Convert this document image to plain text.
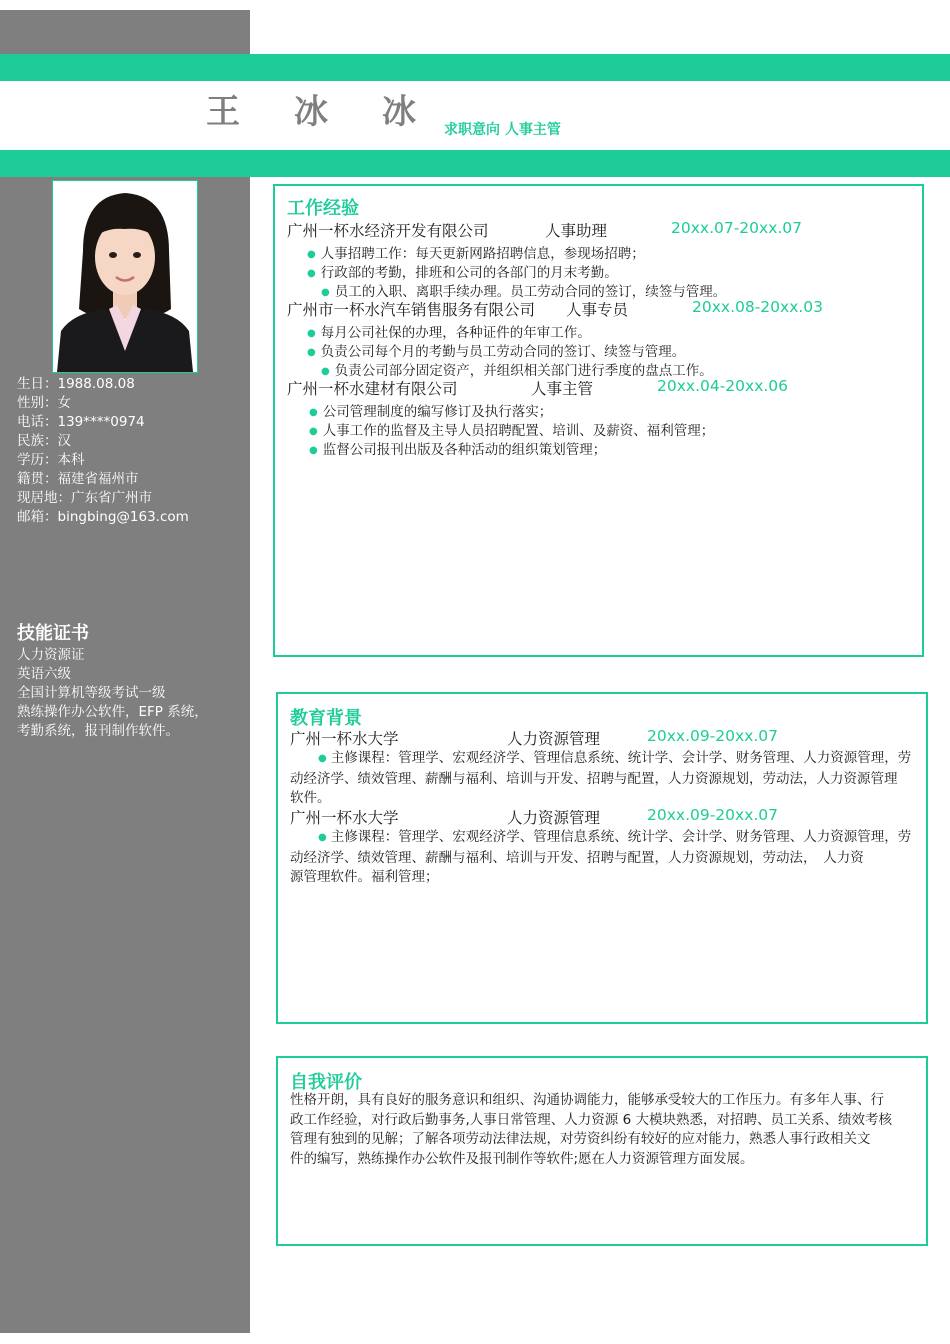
王 冰 冰 求职意向 人事主管
生日：1988.08.08
性别：女
电话：139****0974
民族：汉
学历：本科
籍贯：福建省福州市
现居地：广东省广州市
邮箱：bingbing@163.com
技能证书
人力资源证
英语六级
全国计算机等级考试一级
熟练操作办公软件，EFP 系统，
考勤系统，报刊制作软件。
工作经验
广州一杯水经济开发有限公司	人事助理	20xx.07-20xx.07
● 人事招聘工作：每天更新网路招聘信息，参现场招聘；
● 行政部的考勤，排班和公司的各部门的月末考勤。
● 员工的入职、离职手续办理。员工劳动合同的签订，续签与管理。
广州市一杯水汽车销售服务有限公司 人事专员	20xx.08-20xx.03
● 每月公司社保的办理，各种证件的年审工作。
● 负责公司每个月的考勤与员工劳动合同的签订、续签与管理。
● 负责公司部分固定资产，并组织相关部门进行季度的盘点工作。
广州一杯水建材有限公司	人事主管	20xx.04-20xx.06
● 公司管理制度的编写修订及执行落实；
● 人事工作的监督及主导人员招聘配置、培训、及薪资、福利管理；
● 监督公司报刊出版及各种活动的组织策划管理；
教育背景
广州一杯水大学	人力资源管理	20xx.09-20xx.07
● 主修课程：管理学、宏观经济学、管理信息系统、统计学、会计学、财务管理、人力资源管理，劳
动经济学、绩效管理、薪酬与福利、培训与开发、招聘与配置，人力资源规划，劳动法，人力资源管理
软件。
广州一杯水大学	人力资源管理	20xx.09-20xx.07
● 主修课程：管理学、宏观经济学、管理信息系统、统计学、会计学、财务管理、人力资源管理，劳
动经济学、绩效管理、薪酬与福利、培训与开发、招聘与配置，人力资源规划，劳动法，　人力资
源管理软件。福利管理；
自我评价
性格开朗，具有良好的服务意识和组织、沟通协调能力，能够承受较大的工作压力。有多年人事、行
政工作经验，对行政后勤事务,人事日常管理、人力资源 6 大模块熟悉，对招聘、员工关系、绩效考核
管理有独到的见解；了解各项劳动法律法规，对劳资纠纷有较好的应对能力，熟悉人事行政相关文
件的编写，熟练操作办公软件及报刊制作等软件;愿在人力资源管理方面发展。
